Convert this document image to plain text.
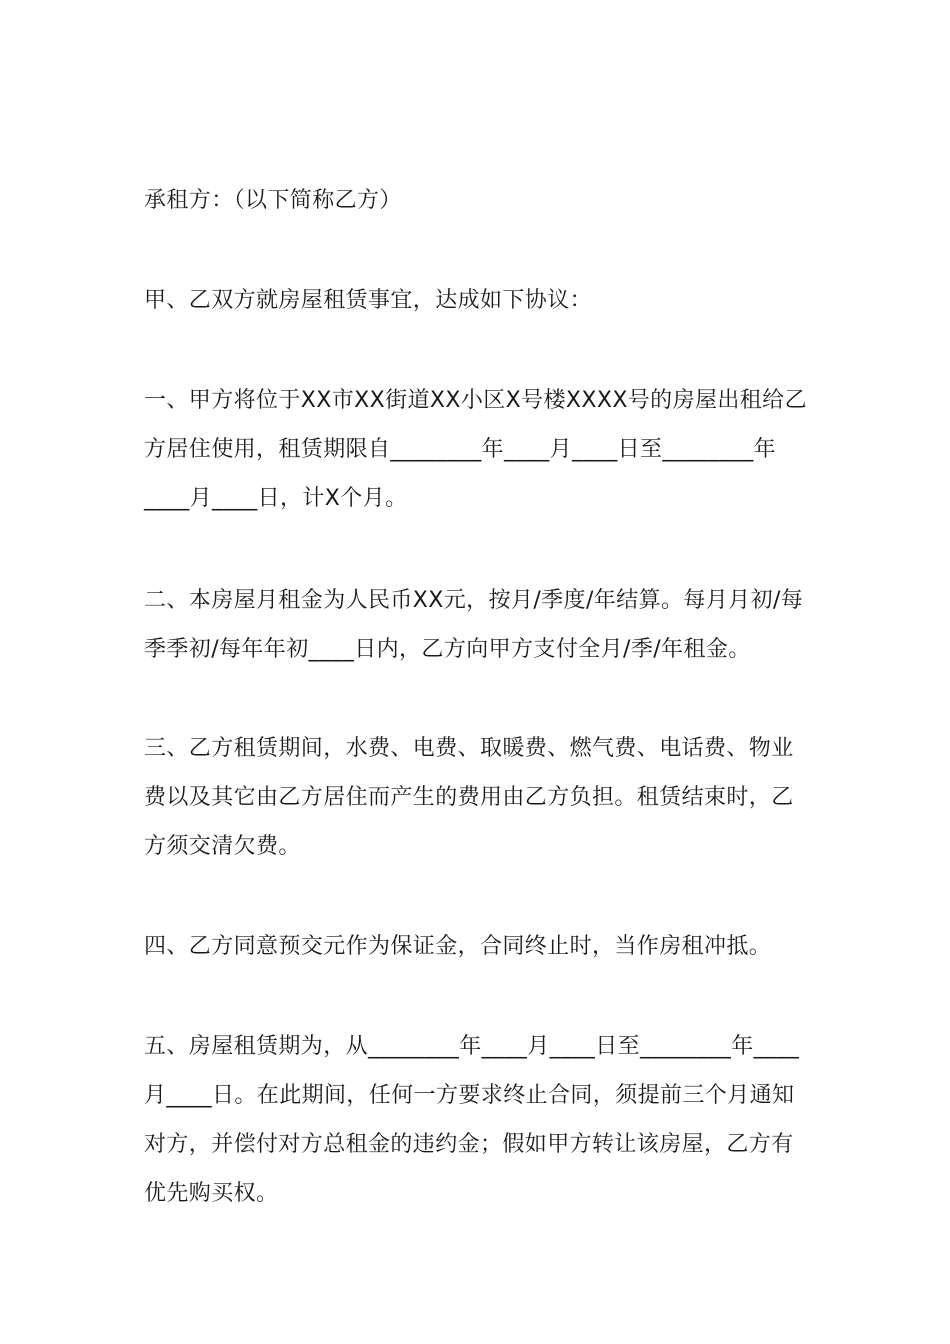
承租方：（以下简称乙方）

甲、乙双方就房屋租赁事宜，达成如下协议：

一、甲方将位于XX市XX街道XX小区X号楼XXXX号的房屋出租给乙方居住使用，租赁期限自________年____月____日至________年____月____日，计X个月。

二、本房屋月租金为人民币XX元，按月/季度/年结算。每月月初/每季季初/每年年初____日内，乙方向甲方支付全月/季/年租金。

三、乙方租赁期间，水费、电费、取暖费、燃气费、电话费、物业费以及其它由乙方居住而产生的费用由乙方负担。租赁结束时，乙方须交清欠费。

四、乙方同意预交元作为保证金，合同终止时，当作房租冲抵。

五、房屋租赁期为，从________年____月____日至________年____月____日。在此期间，任何一方要求终止合同，须提前三个月通知对方，并偿付对方总租金的违约金；假如甲方转让该房屋，乙方有优先购买权。
